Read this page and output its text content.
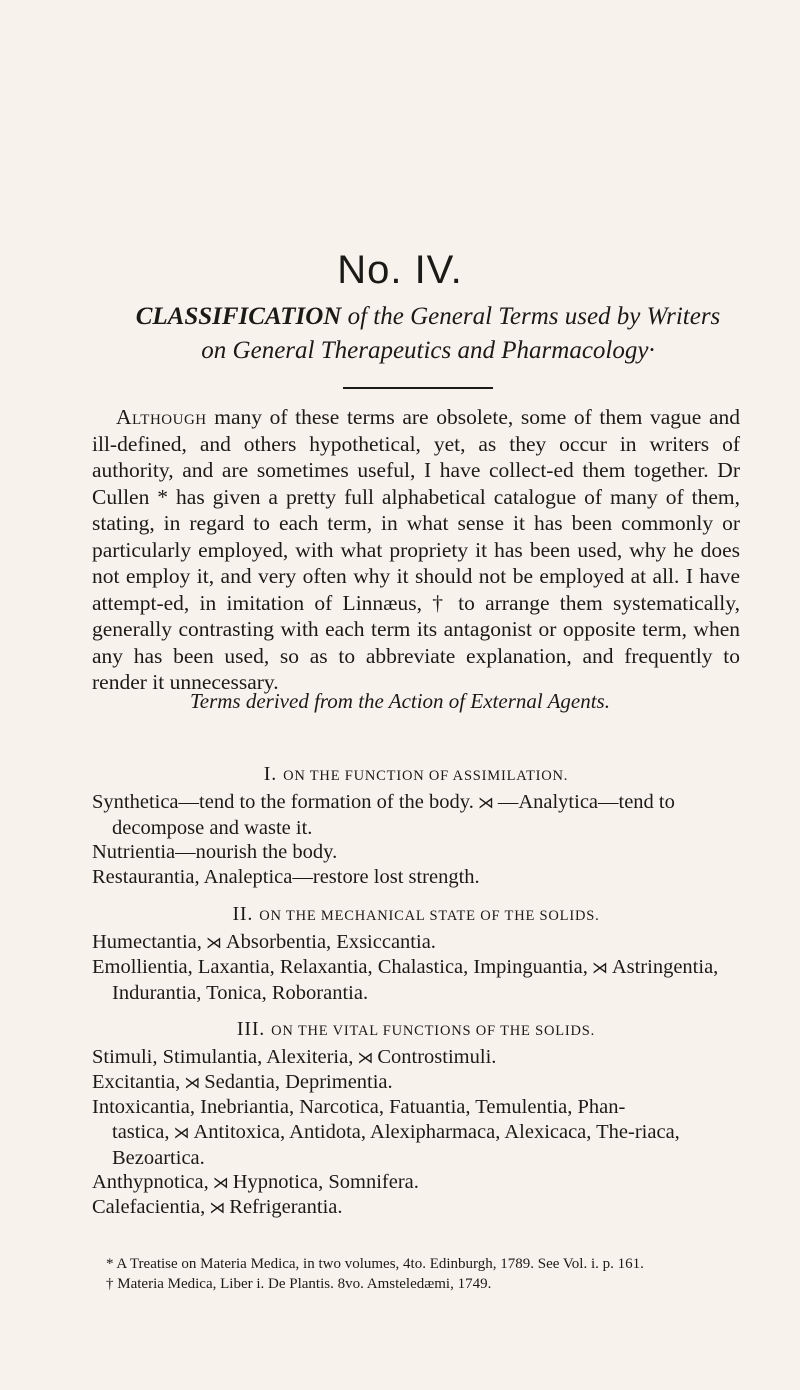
No. IV.
CLASSIFICATION of the General Terms used by Writers
on General Therapeutics and Pharmacology·

Although many of these terms are obsolete, some of them vague and ill-defined, and others hypothetical, yet, as they occur in writers of authority, and are sometimes useful, I have collect-ed them together. Dr Cullen * has given a pretty full alphabetical catalogue of many of them, stating, in regard to each term, in what sense it has been commonly or particularly employed, with what propriety it has been used, why he does not employ it, and very often why it should not be employed at all. I have attempt-ed, in imitation of Linnæus, † to arrange them systematically, generally contrasting with each term its antagonist or opposite term, when any has been used, so as to abbreviate explanation, and frequently to render it unnecessary.

Terms derived from the Action of External Agents.
I. ON THE FUNCTION OF ASSIMILATION.
Synthetica—tend to the formation of the body. ⋊ —Analytica—tend to decompose and waste it.
Nutrientia—nourish the body.
Restaurantia, Analeptica—restore lost strength.
II. ON THE MECHANICAL STATE OF THE SOLIDS.
Humectantia, ⋊ Absorbentia, Exsiccantia.
Emollientia, Laxantia, Relaxantia, Chalastica, Impinguantia, ⋊ Astringentia, Indurantia, Tonica, Roborantia.
III. ON THE VITAL FUNCTIONS OF THE SOLIDS.
Stimuli, Stimulantia, Alexiteria, ⋊ Controstimuli.
Excitantia, ⋊ Sedantia, Deprimentia.
Intoxicantia, Inebriantia, Narcotica, Fatuantia, Temulentia, Phan-tastica, ⋊ Antitoxica, Antidota, Alexipharmaca, Alexicaca, The-riaca, Bezoartica.
Anthypnotica, ⋊ Hypnotica, Somnifera.
Calefacientia, ⋊ Refrigerantia.

* A Treatise on Materia Medica, in two volumes, 4to. Edinburgh, 1789. See Vol. i. p. 161.

† Materia Medica, Liber i. De Plantis. 8vo. Amsteledæmi, 1749.
